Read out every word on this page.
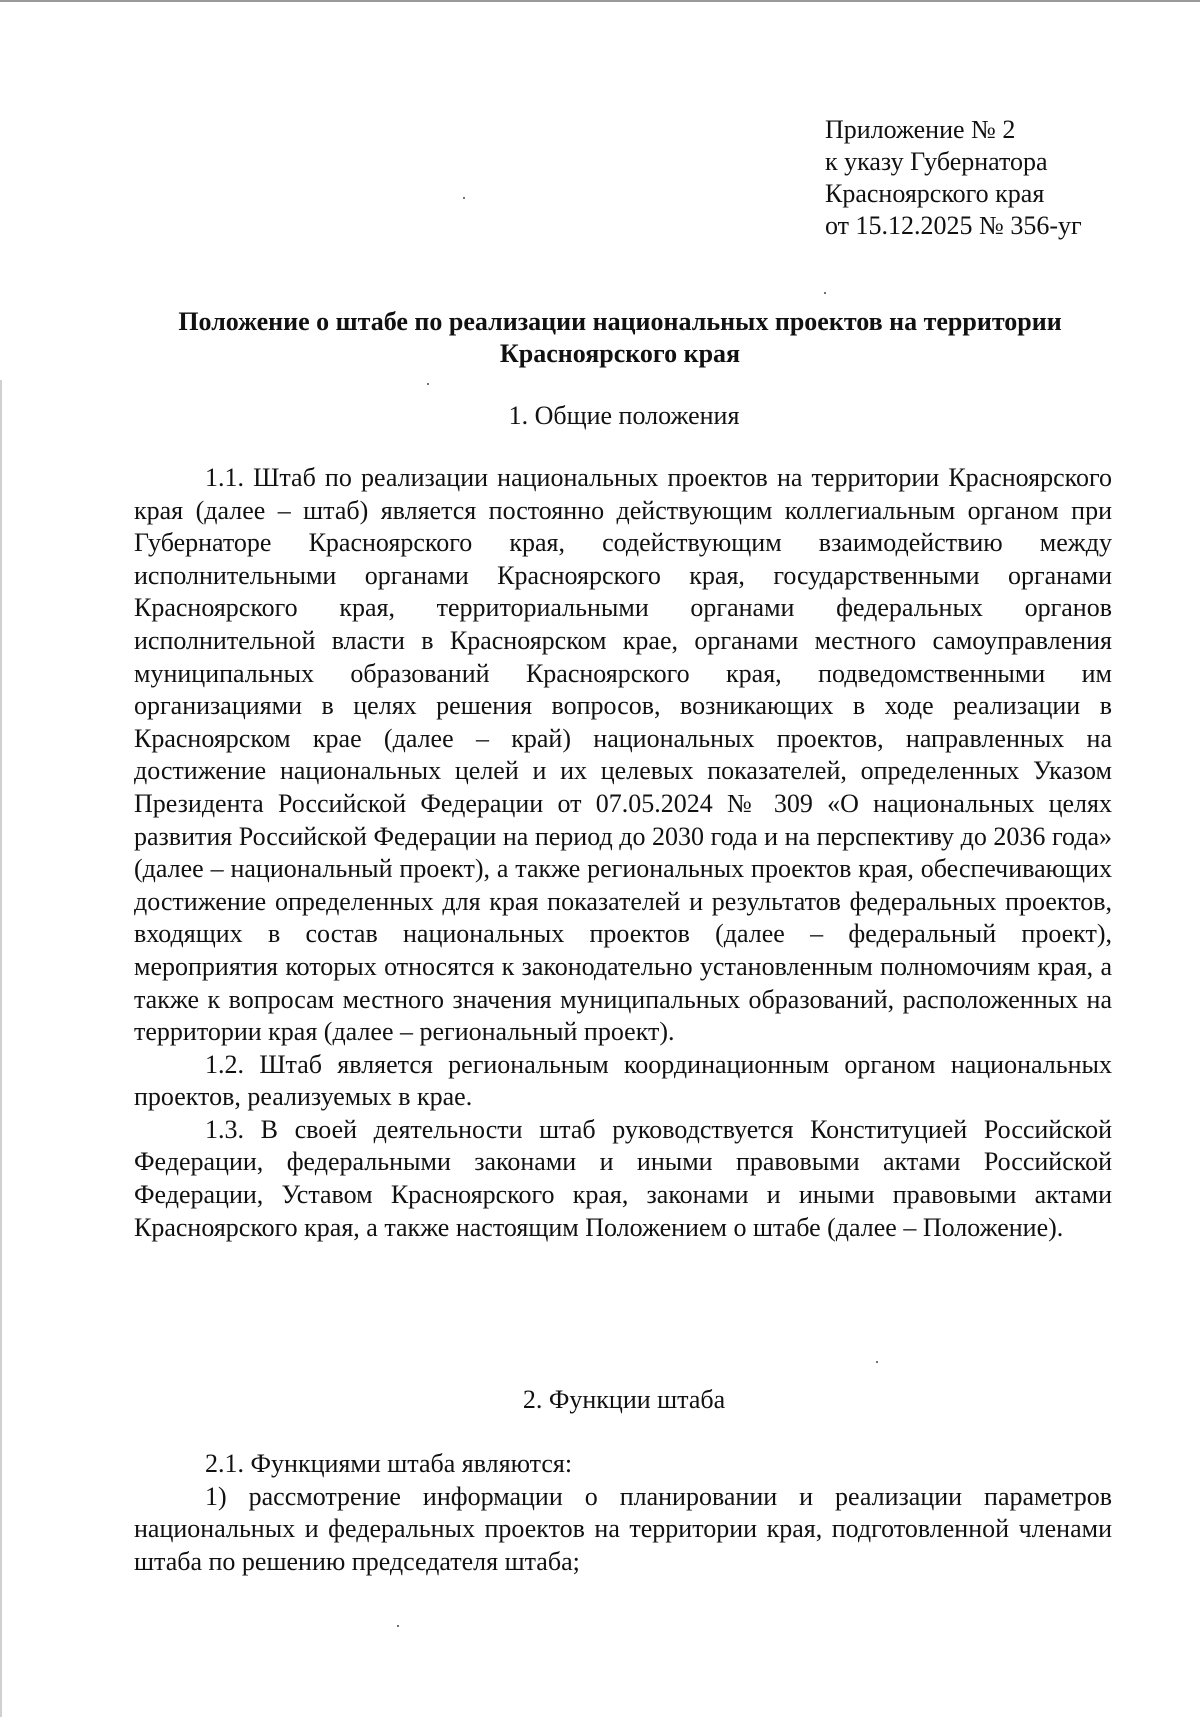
Приложение № 2
к указу Губернатора
Красноярского края
от 15.12.2025 № 356-уг
Положение о штабе по реализации национальных проектов на территории
Красноярского края
1. Общие положения

1.1. Штаб по реализации национальных проектов на территории Красноярского края (далее – штаб) является постоянно действующим коллегиальным органом при Губернаторе Красноярского края, содействующим взаимодействию между исполнительными органами Красноярского края, государственными органами Красноярского края, территориальными органами федеральных органов исполнительной власти в Красноярском крае, органами местного самоуправления муниципальных образований Красноярского края, подведомственными им организациями в целях решения вопросов, возникающих в ходе реализации в Красноярском крае (далее – край) национальных проектов, направленных на достижение национальных целей и их целевых показателей, определенных Указом Президента Российской Федерации от 07.05.2024 № 309 «О национальных целях развития Российской Федерации на период до 2030 года и на перспективу до 2036 года» (далее – национальный проект), а также региональных проектов края, обеспечивающих достижение определенных для края показателей и результатов федеральных проектов, входящих в состав национальных проектов (далее – федеральный проект), мероприятия которых относятся к законодательно установленным полномочиям края, а также к вопросам местного значения муниципальных образований, расположенных на территории края (далее – региональный проект).

1.2. Штаб является региональным координационным органом национальных проектов, реализуемых в крае.

1.3. В своей деятельности штаб руководствуется Конституцией Российской Федерации, федеральными законами и иными правовыми актами Российской Федерации, Уставом Красноярского края, законами и иными правовыми актами Красноярского края, а также настоящим Положением о штабе (далее – Положение).

2. Функции штаба

2.1. Функциями штаба являются:

1) рассмотрение информации о планировании и реализации параметров национальных и федеральных проектов на территории края, подготовленной членами штаба по решению председателя штаба;
